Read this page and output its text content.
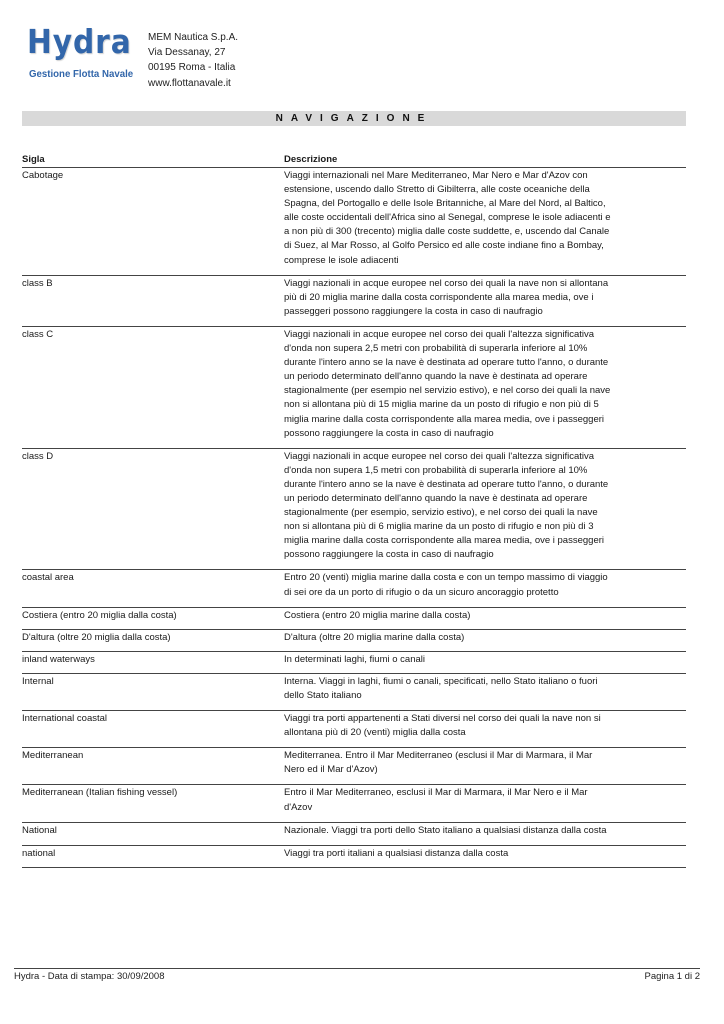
Hydra
Gestione Flotta Navale
MEM Nautica S.p.A.
Via Dessanay, 27
00195 Roma - Italia
www.flottanavale.it
NAVIGAZIONE
Sigla	Descrizione
Cabotage	Viaggi internazionali nel Mare Mediterraneo, Mar Nero e Mar d'Azov con estensione, uscendo dallo Stretto di Gibilterra, alle coste oceaniche della Spagna, del Portogallo e delle Isole Britanniche, al Mare del Nord, al Baltico, alle coste occidentali dell'Africa sino al Senegal, comprese le isole adiacenti e a non più di 300 (trecento) miglia dalle coste suddette, e, uscendo dal Canale di Suez, al Mar Rosso, al Golfo Persico ed alle coste indiane fino a Bombay, comprese le isole adiacenti
class B	Viaggi nazionali in acque europee nel corso dei quali la nave non si allontana più di 20 miglia marine dalla costa corrispondente alla marea media, ove i passeggeri possono raggiungere la costa in caso di naufragio
class C	Viaggi nazionali in acque europee nel corso dei quali l'altezza significativa d'onda non supera 2,5 metri con probabilità di superarla inferiore al 10% durante l'intero anno se la nave è destinata ad operare tutto l'anno, o durante un periodo determinato dell'anno quando la nave è destinata ad operare stagionalmente (per esempio nel servizio estivo), e nel corso dei quali la nave non si allontana più di 15 miglia marine da un posto di rifugio e non più di 5 miglia marine dalla costa corrispondente alla marea media, ove i passeggeri possono raggiungere la costa in caso di naufragio
class D	Viaggi nazionali in acque europee nel corso dei quali l'altezza significativa d'onda non supera 1,5 metri con probabilità di superarla inferiore al 10% durante l'intero anno se la nave è destinata ad operare tutto l'anno, o durante un periodo determinato dell'anno quando la nave è destinata ad operare stagionalmente (per esempio, servizio estivo), e nel corso dei quali la nave non si allontana più di 6 miglia marine da un posto di rifugio e non più di 3 miglia marine dalla costa corrispondente alla marea media, ove i passeggeri possono raggiungere la costa in caso di naufragio
coastal area	Entro 20 (venti) miglia marine dalla costa e con un tempo massimo di viaggio di sei ore da un porto di rifugio o da un sicuro ancoraggio protetto
Costiera (entro 20 miglia dalla costa)	Costiera (entro 20 miglia marine dalla costa)
D'altura (oltre 20 miglia dalla costa)	D'altura (oltre 20 miglia marine dalla costa)
inland waterways	In determinati laghi, fiumi o canali
Internal	Interna. Viaggi in laghi, fiumi o canali, specificati, nello Stato italiano o fuori dello Stato italiano
International coastal	Viaggi tra porti appartenenti a Stati diversi nel corso dei quali la nave non si allontana più di 20 (venti) miglia dalla costa
Mediterranean	Mediterranea. Entro il Mar Mediterraneo (esclusi il Mar di Marmara, il Mar Nero ed il Mar d'Azov)
Mediterranean (Italian fishing vessel)	Entro il Mar Mediterraneo, esclusi il Mar di Marmara, il Mar Nero e il Mar d'Azov
National	Nazionale. Viaggi tra porti dello Stato italiano a qualsiasi distanza dalla costa
national	Viaggi tra porti italiani a qualsiasi distanza dalla costa
Hydra - Data di stampa: 30/09/2008	Pagina 1 di 2
